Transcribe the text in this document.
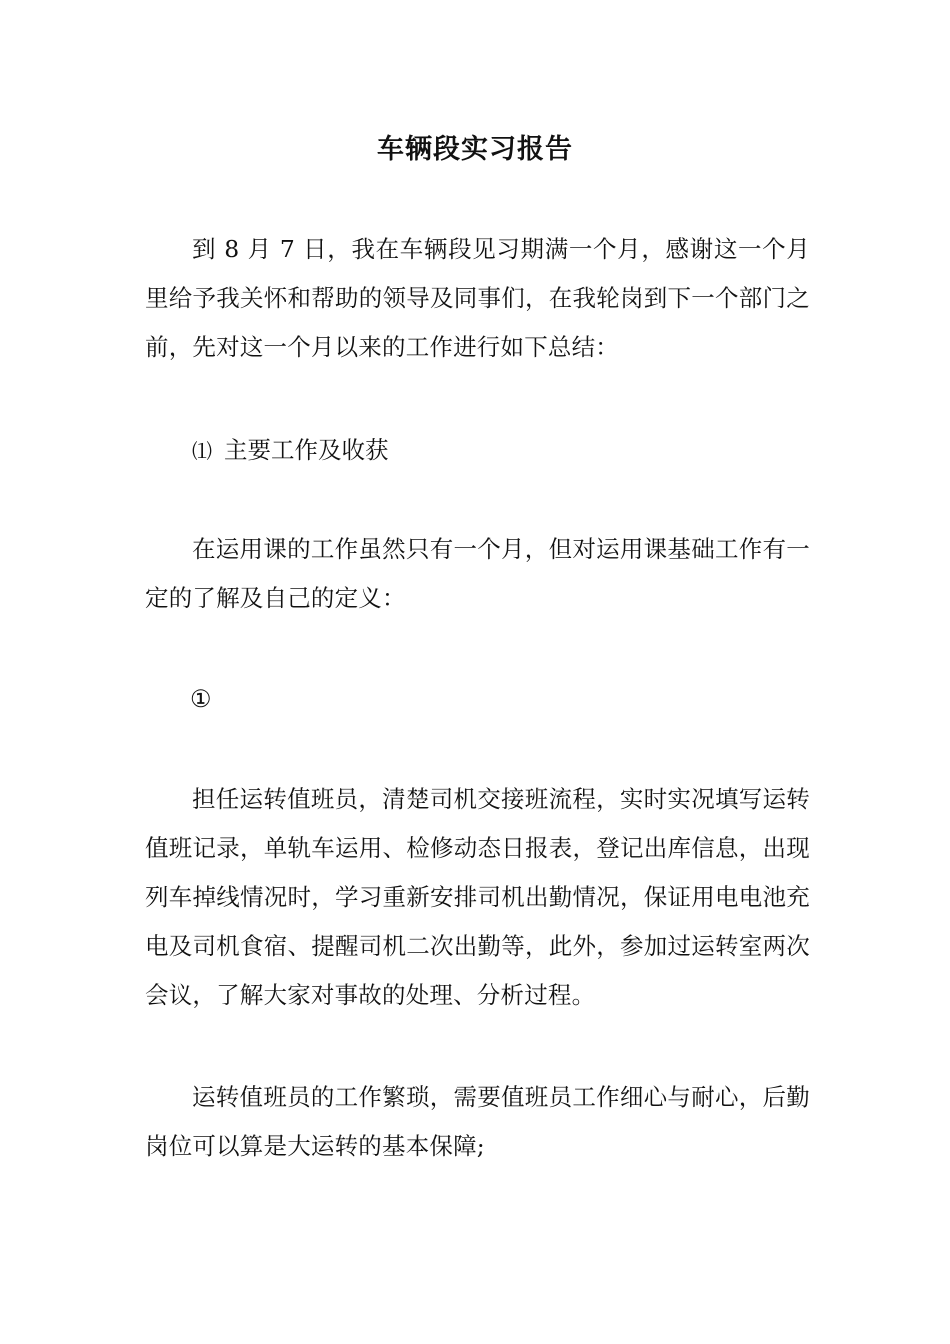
车辆段实习报告

到 8 月 7 日，我在车辆段见习期满一个月，感谢这一个月里给予我关怀和帮助的领导及同事们，在我轮岗到下一个部门之前，先对这一个月以来的工作进行如下总结：

⑴ 主要工作及收获

在运用课的工作虽然只有一个月，但对运用课基础工作有一定的了解及自己的定义：

①

担任运转值班员，清楚司机交接班流程，实时实况填写运转值班记录，单轨车运用、检修动态日报表，登记出库信息，出现列车掉线情况时，学习重新安排司机出勤情况，保证用电电池充电及司机食宿、提醒司机二次出勤等，此外，参加过运转室两次会议，了解大家对事故的处理、分析过程。

运转值班员的工作繁琐，需要值班员工作细心与耐心，后勤岗位可以算是大运转的基本保障;
